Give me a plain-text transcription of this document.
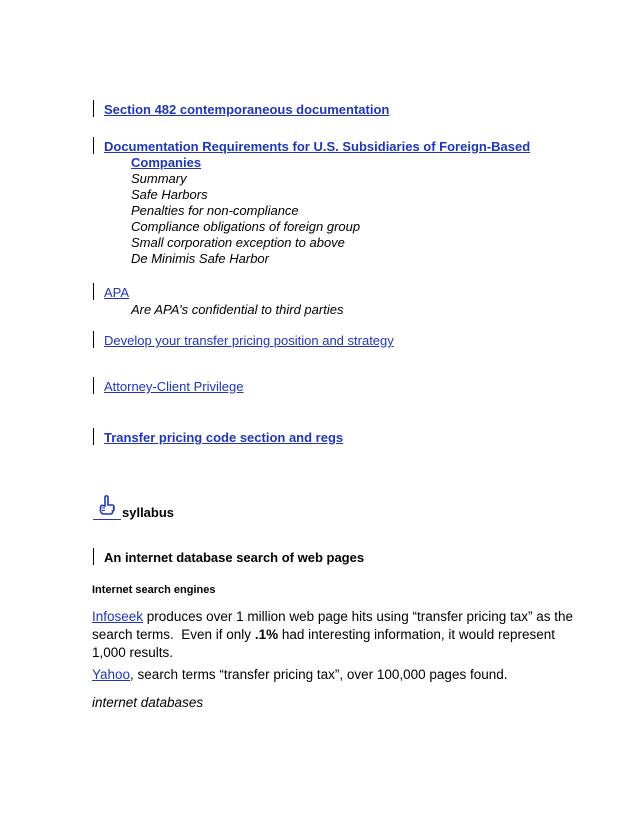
Section 482 contemporaneous documentation
Documentation Requirements for U.S. Subsidiaries of Foreign-Based
Companies
Summary
Safe Harbors
Penalties for non-compliance
Compliance obligations of foreign group
Small corporation exception to above
De Minimis Safe Harbor
APA
Are APA’s confidential to third parties
Develop your transfer pricing position and strategy
Attorney-Client Privilege
Transfer pricing code section and regs
syllabus
An internet database search of web pages
Internet search engines
Infoseek produces over 1 million web page hits using “transfer pricing tax” as the
search terms.  Even if only .1% had interesting information, it would represent
1,000 results.
Yahoo, search terms “transfer pricing tax”, over 100,000 pages found.
internet databases
